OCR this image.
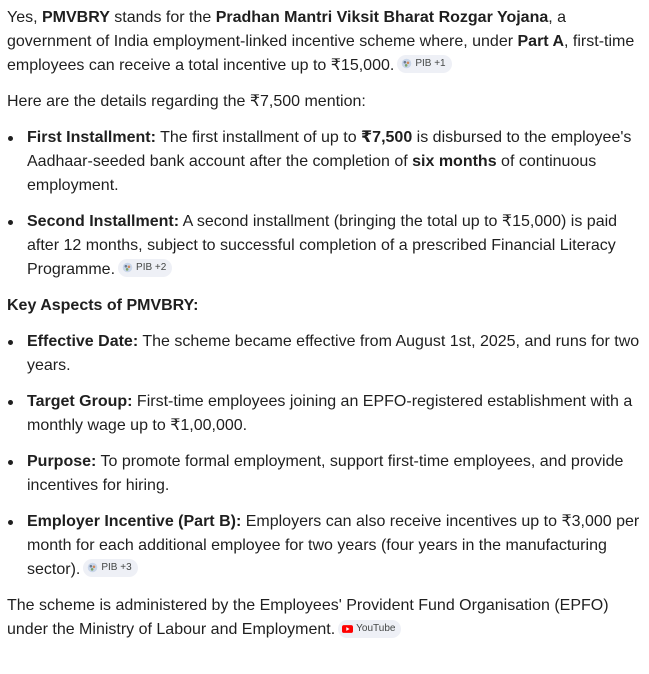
Yes, PMVBRY stands for the Pradhan Mantri Viksit Bharat Rozgar Yojana, a government of India employment-linked incentive scheme where, under Part A, first-time employees can receive a total incentive up to ₹15,000. PIB +1

Here are the details regarding the ₹7,500 mention:

First Installment: The first installment of up to ₹7,500 is disbursed to the employee's Aadhaar-seeded bank account after the completion of six months of continuous employment.
Second Installment: A second installment (bringing the total up to ₹15,000) is paid after 12 months, subject to successful completion of a prescribed Financial Literacy Programme. PIB +2

Key Aspects of PMVBRY:

Effective Date: The scheme became effective from August 1st, 2025, and runs for two years.
Target Group: First-time employees joining an EPFO-registered establishment with a monthly wage up to ₹1,00,000.
Purpose: To promote formal employment, support first-time employees, and provide incentives for hiring.
Employer Incentive (Part B): Employers can also receive incentives up to ₹3,000 per month for each additional employee for two years (four years in the manufacturing sector). PIB +3

The scheme is administered by the Employees' Provident Fund Organisation (EPFO) under the Ministry of Labour and Employment. YouTube
